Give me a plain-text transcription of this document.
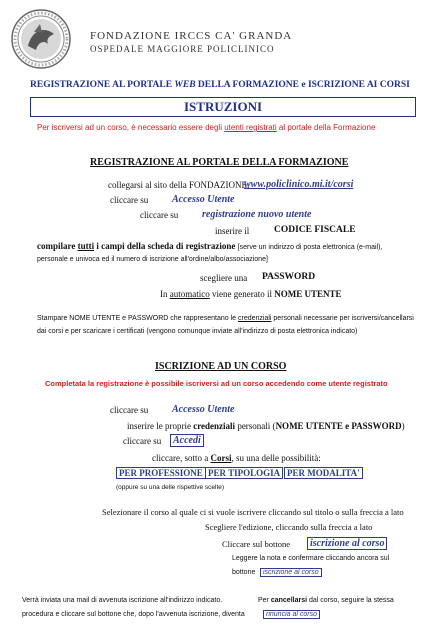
FONDAZIONE IRCCS CA' GRANDA
OSPEDALE MAGGIORE POLICLINICO
REGISTRAZIONE AL PORTALE WEB DELLA FORMAZIONE e ISCRIZIONE AI CORSI
ISTRUZIONI
Per iscriversi ad un corso, è necessario essere degli utenti registrati al portale della Formazione
REGISTRAZIONE AL PORTALE DELLA FORMAZIONE
collegarsi al sito della FONDAZIONE:
www.policlinico.mi.it/corsi
cliccare su Accesso Utente
cliccare su registrazione nuovo utente
inserire il	CODICE FISCALE
compilare tutti i campi della scheda di registrazione [serve un indirizzo di posta elettronica (e-mail),
personale e univoca ed il numero di iscrizione all'ordine/albo/associazione]
scegliere una PASSWORD
In automatico viene generato il NOME UTENTE
Stampare NOME UTENTE e PASSWORD che rappresentano le credenziali personali necessarie per iscriversi/cancellarsi
dai corsi e per scaricare i certificati (vengono comunque inviate all'indirizzo di posta elettronica indicato)
ISCRIZIONE AD UN CORSO
Completata la registrazione è possibile iscriversi ad un corso accedendo come utente registrato
cliccare su Accesso Utente
inserire le proprie credenziali personali (NOME UTENTE e PASSWORD)
cliccare su	Accedi
cliccare, sotto a Corsi, su una delle possibilità:
PER PROFESSIONE PER TIPOLOGIA PER MODALITA'
(oppure su una delle rispettive scelte)
Selezionare il corso al quale ci si vuole iscrivere cliccando sul titolo o sulla freccia a lato
Scegliere l'edizione, cliccando sulla freccia a lato
Cliccare sul bottone	iscrizione al corso
Leggere la nota e confermare cliccando ancora sul
bottone	iscrizione al corso
Verrà inviata una mail di avvenuta iscrizione all'indirizzo indicato.	Per cancellarsi dal corso, seguire la stessa
procedura e cliccare sul bottone che, dopo l'avvenuta iscrizione, diventa	rinuncia al corso
